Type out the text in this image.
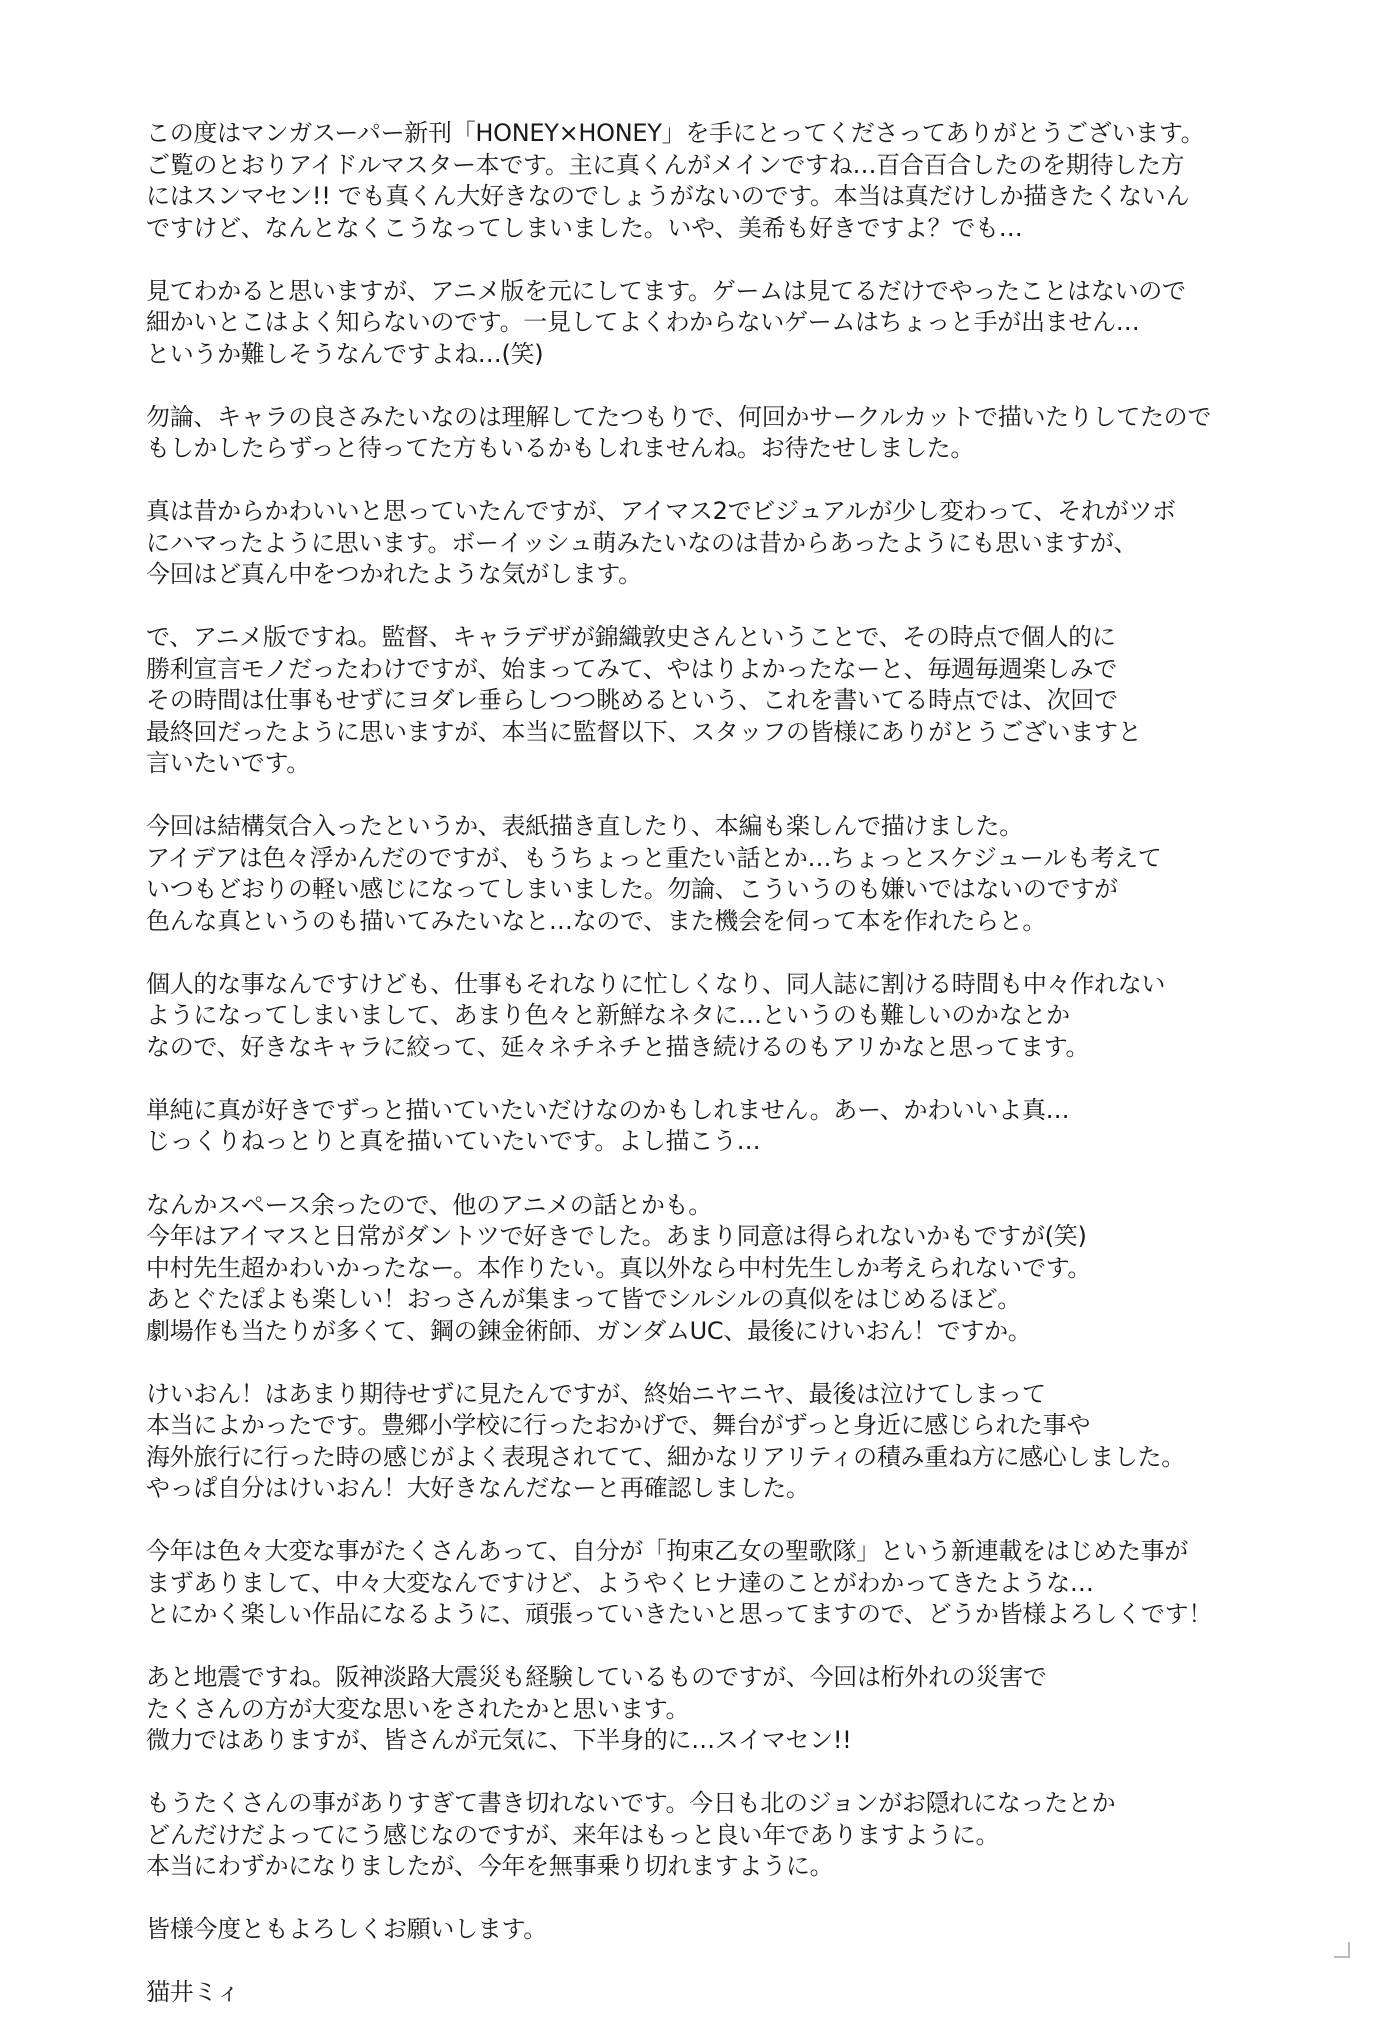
この度はマンガスーパー新刊「HONEY×HONEY」を手にとってくださってありがとうございます。
ご覧のとおりアイドルマスター本です。主に真くんがメインですね…百合百合したのを期待した方
にはスンマセン!! でも真くん大好きなのでしょうがないのです。本当は真だけしか描きたくないん
ですけど、なんとなくこうなってしまいました。いや、美希も好きですよ？でも…

見てわかると思いますが、アニメ版を元にしてます。ゲームは見てるだけでやったことはないので
細かいとこはよく知らないのです。一見してよくわからないゲームはちょっと手が出ません…
というか難しそうなんですよね…(笑)

勿論、キャラの良さみたいなのは理解してたつもりで、何回かサークルカットで描いたりしてたので
もしかしたらずっと待ってた方もいるかもしれませんね。お待たせしました。

真は昔からかわいいと思っていたんですが、アイマス2でビジュアルが少し変わって、それがツボ
にハマったように思います。ボーイッシュ萌みたいなのは昔からあったようにも思いますが、
今回はど真ん中をつかれたような気がします。

で、アニメ版ですね。監督、キャラデザが錦織敦史さんということで、その時点で個人的に
勝利宣言モノだったわけですが、始まってみて、やはりよかったなーと、毎週毎週楽しみで
その時間は仕事もせずにヨダレ垂らしつつ眺めるという、これを書いてる時点では、次回で
最終回だったように思いますが、本当に監督以下、スタッフの皆様にありがとうございますと
言いたいです。

今回は結構気合入ったというか、表紙描き直したり、本編も楽しんで描けました。
アイデアは色々浮かんだのですが、もうちょっと重たい話とか…ちょっとスケジュールも考えて
いつもどおりの軽い感じになってしまいました。勿論、こういうのも嫌いではないのですが
色んな真というのも描いてみたいなと…なので、また機会を伺って本を作れたらと。

個人的な事なんですけども、仕事もそれなりに忙しくなり、同人誌に割ける時間も中々作れない
ようになってしまいまして、あまり色々と新鮮なネタに…というのも難しいのかなとか
なので、好きなキャラに絞って、延々ネチネチと描き続けるのもアリかなと思ってます。

単純に真が好きでずっと描いていたいだけなのかもしれません。あー、かわいいよ真…
じっくりねっとりと真を描いていたいです。よし描こう…

なんかスペース余ったので、他のアニメの話とかも。
今年はアイマスと日常がダントツで好きでした。あまり同意は得られないかもですが(笑)
中村先生超かわいかったなー。本作りたい。真以外なら中村先生しか考えられないです。
あとぐたぽよも楽しい！おっさんが集まって皆でシルシルの真似をはじめるほど。
劇場作も当たりが多くて、鋼の錬金術師、ガンダムUC、最後にけいおん！ですか。

けいおん！はあまり期待せずに見たんですが、終始ニヤニヤ、最後は泣けてしまって
本当によかったです。豊郷小学校に行ったおかげで、舞台がずっと身近に感じられた事や
海外旅行に行った時の感じがよく表現されてて、細かなリアリティの積み重ね方に感心しました。
やっぱ自分はけいおん！大好きなんだなーと再確認しました。

今年は色々大変な事がたくさんあって、自分が「拘束乙女の聖歌隊」という新連載をはじめた事が
まずありまして、中々大変なんですけど、ようやくヒナ達のことがわかってきたような…
とにかく楽しい作品になるように、頑張っていきたいと思ってますので、どうか皆様よろしくです！

あと地震ですね。阪神淡路大震災も経験しているものですが、今回は桁外れの災害で
たくさんの方が大変な思いをされたかと思います。
微力ではありますが、皆さんが元気に、下半身的に…スイマセン!!

もうたくさんの事がありすぎて書き切れないです。今日も北のジョンがお隠れになったとか
どんだけだよってにう感じなのですが、来年はもっと良い年でありますように。
本当にわずかになりましたが、今年を無事乗り切れますように。

皆様今度ともよろしくお願いします。

猫井ミィ
